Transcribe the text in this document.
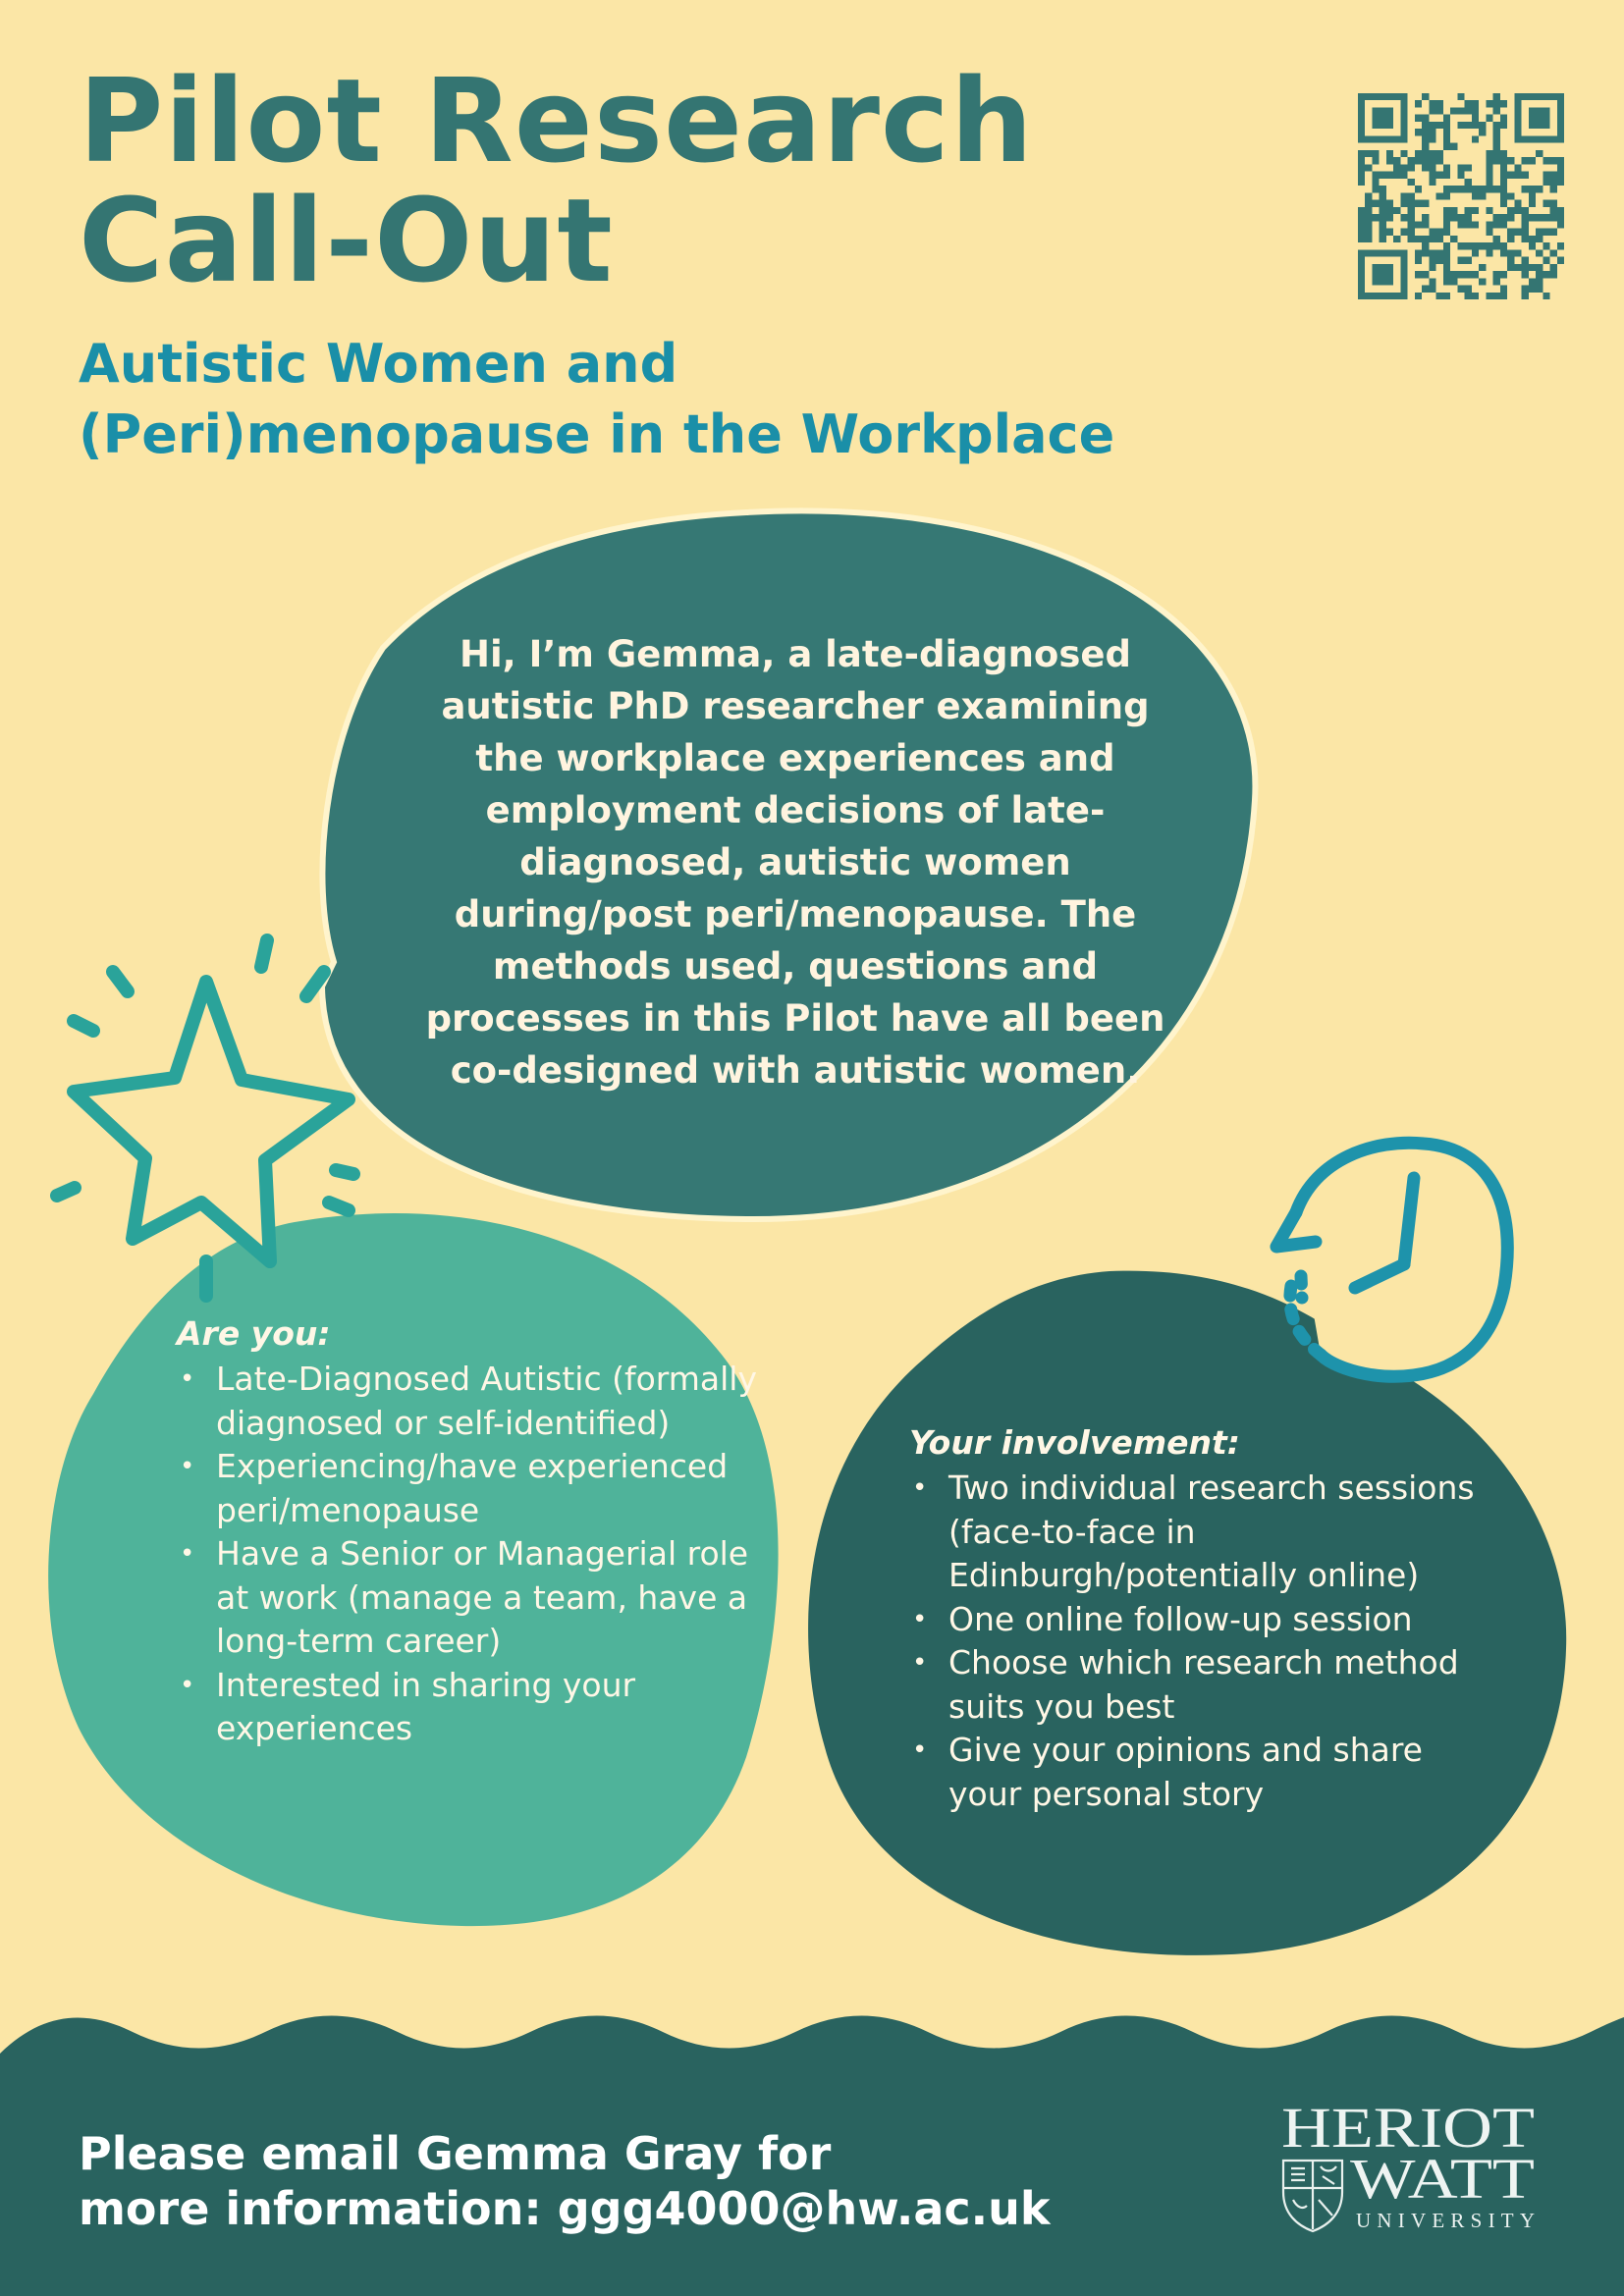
Pilot Research
Call-Out
Autistic Women and
(Peri)menopause in the Workplace

Hi, I’m Gemma, a late-diagnosed autistic PhD researcher examining the workplace experiences and employment decisions of late-diagnosed, autistic women during/post peri/menopause. The methods used, questions and processes in this Pilot have all been co-designed with autistic women.

Are you:
• Late-Diagnosed Autistic (formally diagnosed or self-identified)
• Experiencing/have experienced peri/menopause
• Have a Senior or Managerial role at work (manage a team, have a long-term career)
• Interested in sharing your experiences
Your involvement:
• Two individual research sessions (face-to-face in Edinburgh/potentially online)
• One online follow-up session
• Choose which research method suits you best
• Give your opinions and share your personal story

Please email Gemma Gray for
more information: ggg4000@hw.ac.uk

HERIOT
WATT
UNIVERSITY
